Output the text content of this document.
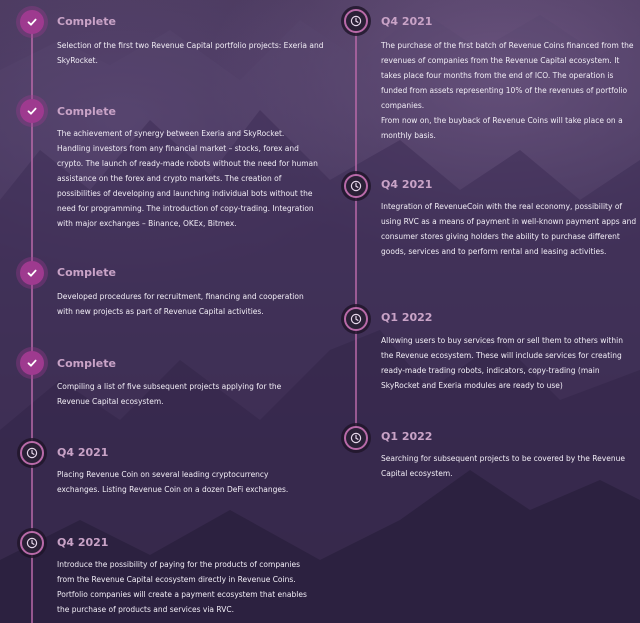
Complete

Selection of the first two Revenue Capital portfolio projects: Exeria and SkyRocket.

Complete

The achievement of synergy between Exeria and SkyRocket. Handling investors from any financial market – stocks, forex and crypto. The launch of ready-made robots without the need for human assistance on the forex and crypto markets. The creation of possibilities of developing and launching individual bots without the need for programming. The introduction of copy-trading. Integration with major exchanges – Binance, OKEx, Bitmex.

Complete

Developed procedures for recruitment, financing and cooperation with new projects as part of Revenue Capital activities.

Complete

Compiling a list of five subsequent projects applying for the Revenue Capital ecosystem.

Q4 2021

Placing Revenue Coin on several leading cryptocurrency exchanges. Listing Revenue Coin on a dozen DeFi exchanges.

Q4 2021

Introduce the possibility of paying for the products of companies from the Revenue Capital ecosystem directly in Revenue Coins. Portfolio companies will create a payment ecosystem that enables the purchase of products and services via RVC.

Q4 2021

The purchase of the first batch of Revenue Coins financed from the revenues of companies from the Revenue Capital ecosystem. It takes place four months from the end of ICO. The operation is funded from assets representing 10% of the revenues of portfolio companies.

From now on, the buyback of Revenue Coins will take place on a monthly basis.

Q4 2021

Integration of RevenueCoin with the real economy, possibility of using RVC as a means of payment in well-known payment apps and consumer stores giving holders the ability to purchase different goods, services and to perform rental and leasing activities.

Q1 2022

Allowing users to buy services from or sell them to others within the Revenue ecosystem. These will include services for creating ready-made trading robots, indicators, copy-trading (main SkyRocket and Exeria modules are ready to use)

Q1 2022

Searching for subsequent projects to be covered by the Revenue Capital ecosystem.
